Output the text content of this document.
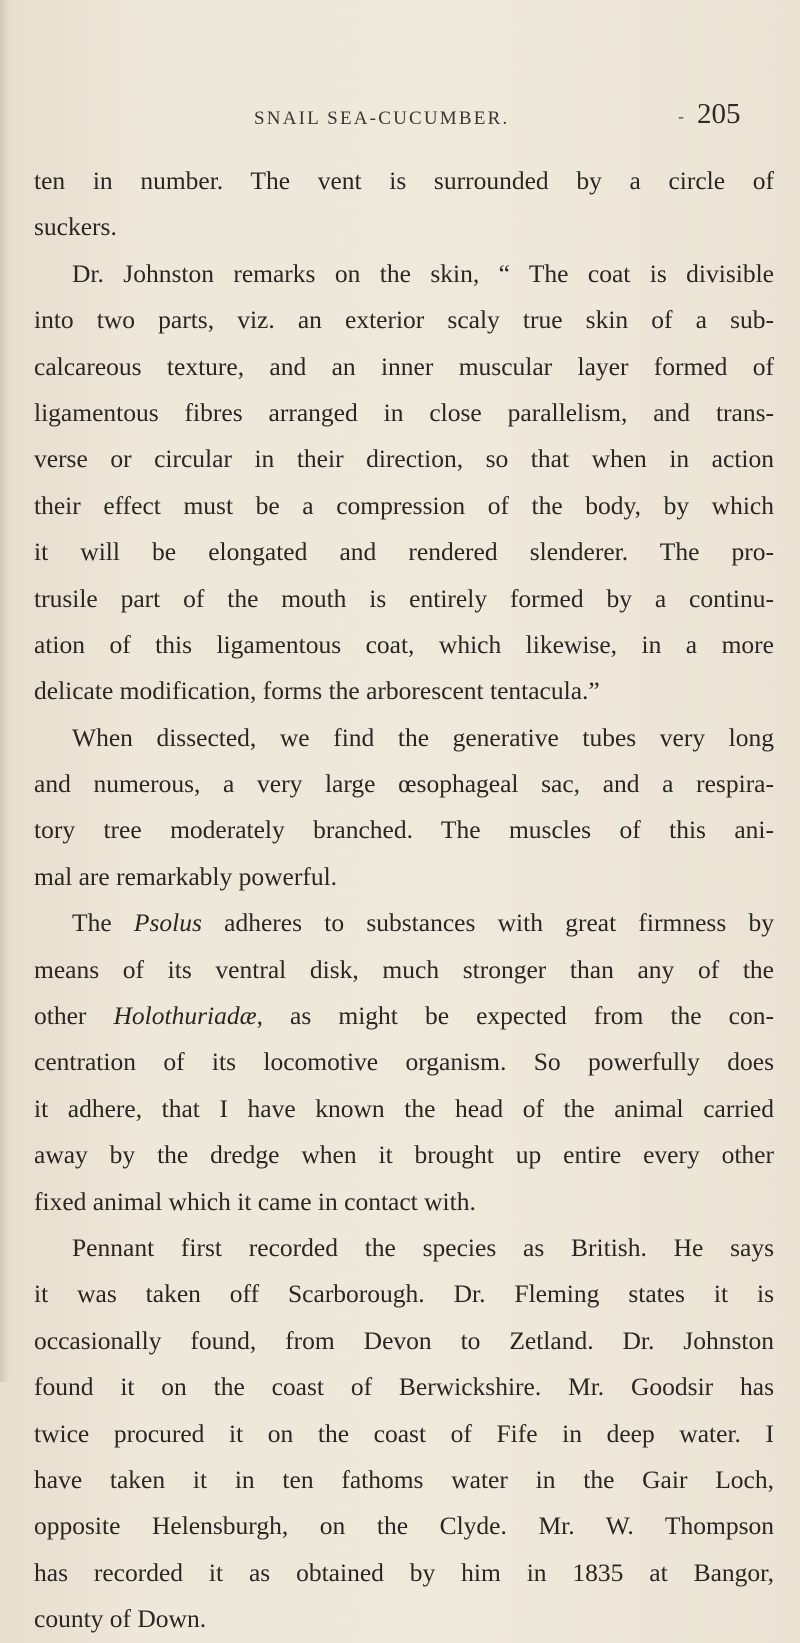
SNAIL SEA-CUCUMBER.	- 205
ten in number. The vent is surrounded by a circle of
suckers.
Dr. Johnston remarks on the skin, “ The coat is divisible
into two parts, viz. an exterior scaly true skin of a sub-
calcareous texture, and an inner muscular layer formed of
ligamentous fibres arranged in close parallelism, and trans-
verse or circular in their direction, so that when in action
their effect must be a compression of the body, by which
it will be elongated and rendered slenderer. The pro-
trusile part of the mouth is entirely formed by a continu-
ation of this ligamentous coat, which likewise, in a more
delicate modification, forms the arborescent tentacula.”
When dissected, we find the generative tubes very long
and numerous, a very large œsophageal sac, and a respira-
tory tree moderately branched. The muscles of this ani-
mal are remarkably powerful.
The Psolus adheres to substances with great firmness by
means of its ventral disk, much stronger than any of the
other Holothuriadæ, as might be expected from the con-
centration of its locomotive organism. So powerfully does
it adhere, that I have known the head of the animal carried
away by the dredge when it brought up entire every other
fixed animal which it came in contact with.
Pennant first recorded the species as British. He says
it was taken off Scarborough. Dr. Fleming states it is
occasionally found, from Devon to Zetland. Dr. Johnston
found it on the coast of Berwickshire. Mr. Goodsir has
twice procured it on the coast of Fife in deep water. I
have taken it in ten fathoms water in the Gair Loch,
opposite Helensburgh, on the Clyde. Mr. W. Thompson
has recorded it as obtained by him in 1835 at Bangor,
county of Down.
